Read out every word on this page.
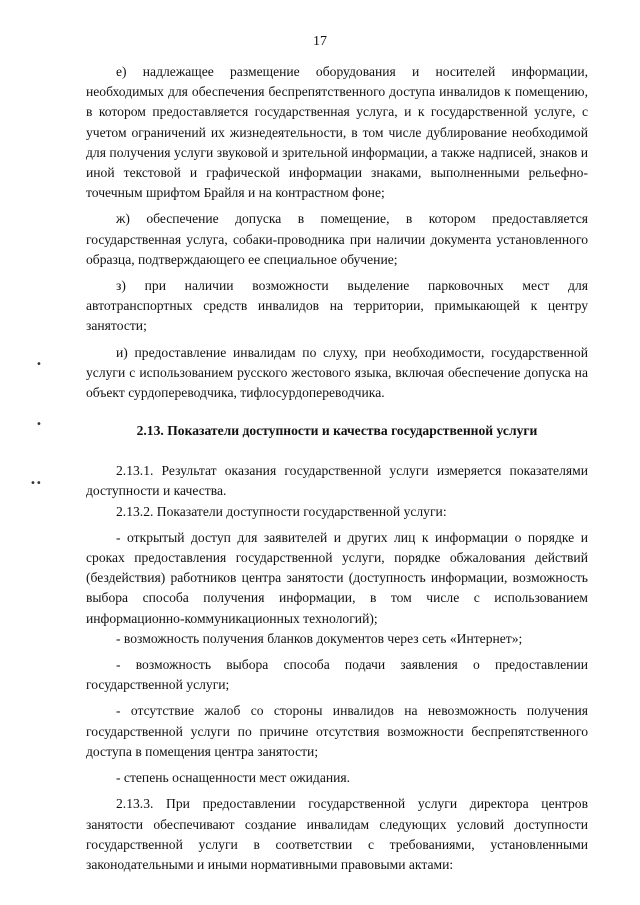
17
•
•
••

е) надлежащее размещение оборудования и носителей информации, необходимых для обеспечения беспрепятственного доступа инвалидов к помещению, в котором предоставляется государственная услуга, и к государственной услуге, с учетом ограничений их жизнедеятельности, в том числе дублирование необходимой для получения услуги звуковой и зрительной информации, а также надписей, знаков и иной текстовой и графической информации знаками, выполненными рельефно-точечным шрифтом Брайля и на контрастном фоне;

ж) обеспечение допуска в помещение, в котором предоставляется государственная услуга, собаки-проводника при наличии документа установленного образца, подтверждающего ее специальное обучение;

з) при наличии возможности выделение парковочных мест для автотранспортных средств инвалидов на территории, примыкающей к центру занятости;

и) предоставление инвалидам по слуху, при необходимости, государственной услуги с использованием русского жестового языка, включая обеспечение допуска на объект сурдопереводчика, тифлосурдопереводчика.

2.13. Показатели доступности и качества государственной услуги

2.13.1. Результат оказания государственной услуги измеряется показателями доступности и качества.

2.13.2. Показатели доступности государственной услуги:

- открытый доступ для заявителей и других лиц к информации о порядке и сроках предоставления государственной услуги, порядке обжалования действий (бездействия) работников центра занятости (доступность информации, возможность выбора способа получения информации, в том числе с использованием информационно-коммуникационных технологий);

- возможность получения бланков документов через сеть «Интернет»;

- возможность выбора способа подачи заявления о предоставлении государственной услуги;

- отсутствие жалоб со стороны инвалидов на невозможность получения государственной услуги по причине отсутствия возможности беспрепятственного доступа в помещения центра занятости;

- степень оснащенности мест ожидания.

2.13.3. При предоставлении государственной услуги директора центров занятости обеспечивают создание инвалидам следующих условий доступности государственной услуги в соответствии с требованиями, установленными законодательными и иными нормативными правовыми актами:
